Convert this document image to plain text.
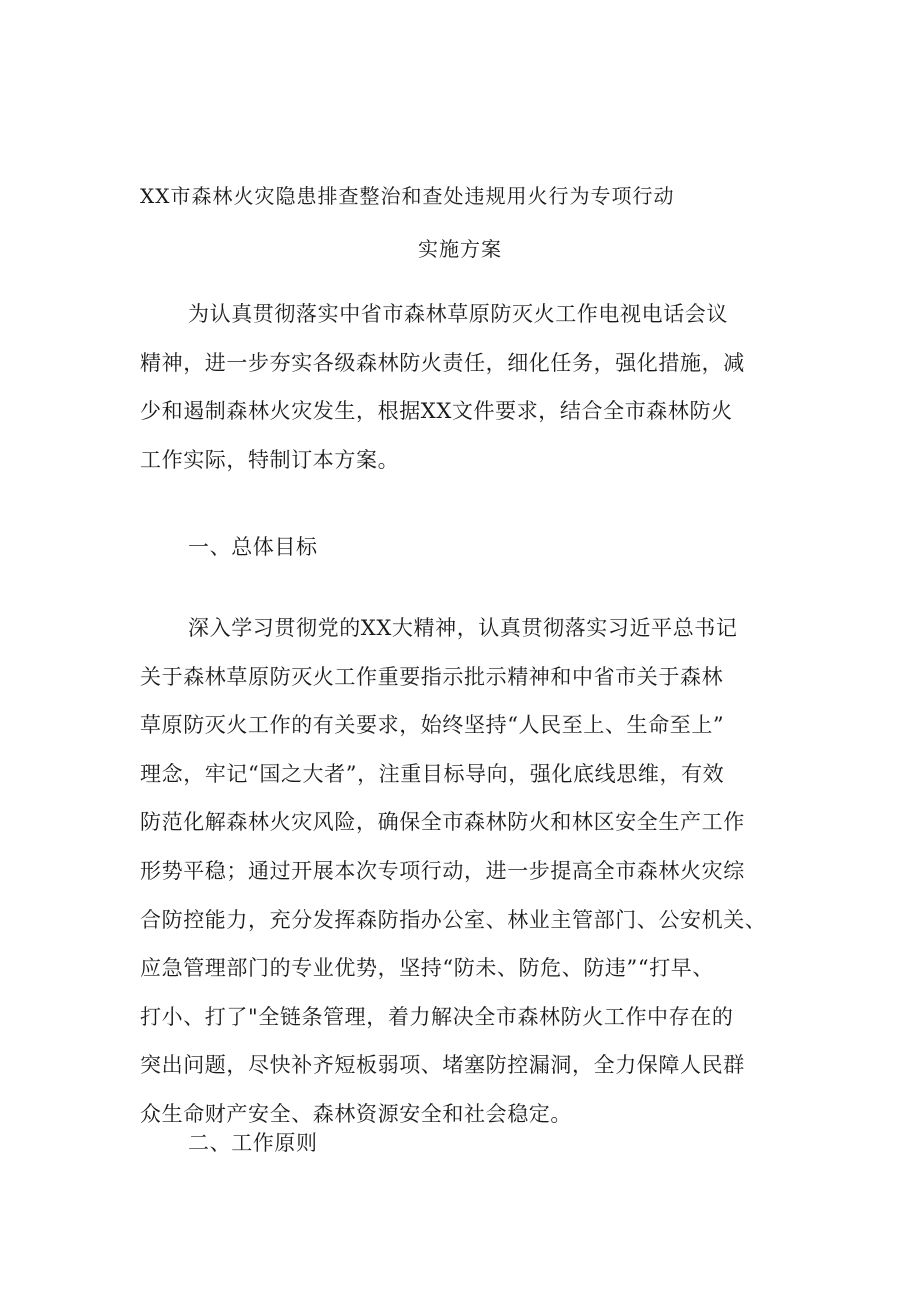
XX市森林火灾隐患排查整治和查处违规用火行为专项行动
实施方案
为认真贯彻落实中省市森林草原防灭火工作电视电话会议
精神，进一步夯实各级森林防火责任，细化任务，强化措施，减
少和遏制森林火灾发生，根据XX文件要求，结合全市森林防火
工作实际，特制订本方案。
一、总体目标
深入学习贯彻党的XX大精神，认真贯彻落实习近平总书记
关于森林草原防灭火工作重要指示批示精神和中省市关于森林
草原防灭火工作的有关要求，始终坚持“人民至上、生命至上”
理念，牢记“国之大者”，注重目标导向，强化底线思维，有效
防范化解森林火灾风险，确保全市森林防火和林区安全生产工作
形势平稳；通过开展本次专项行动，进一步提高全市森林火灾综
合防控能力，充分发挥森防指办公室、林业主管部门、公安机关、
应急管理部门的专业优势，坚持“防未、防危、防违”“打早、
打小、打了"全链条管理，着力解决全市森林防火工作中存在的
突出问题，尽快补齐短板弱项、堵塞防控漏洞，全力保障人民群
众生命财产安全、森林资源安全和社会稳定。
二、工作原则
